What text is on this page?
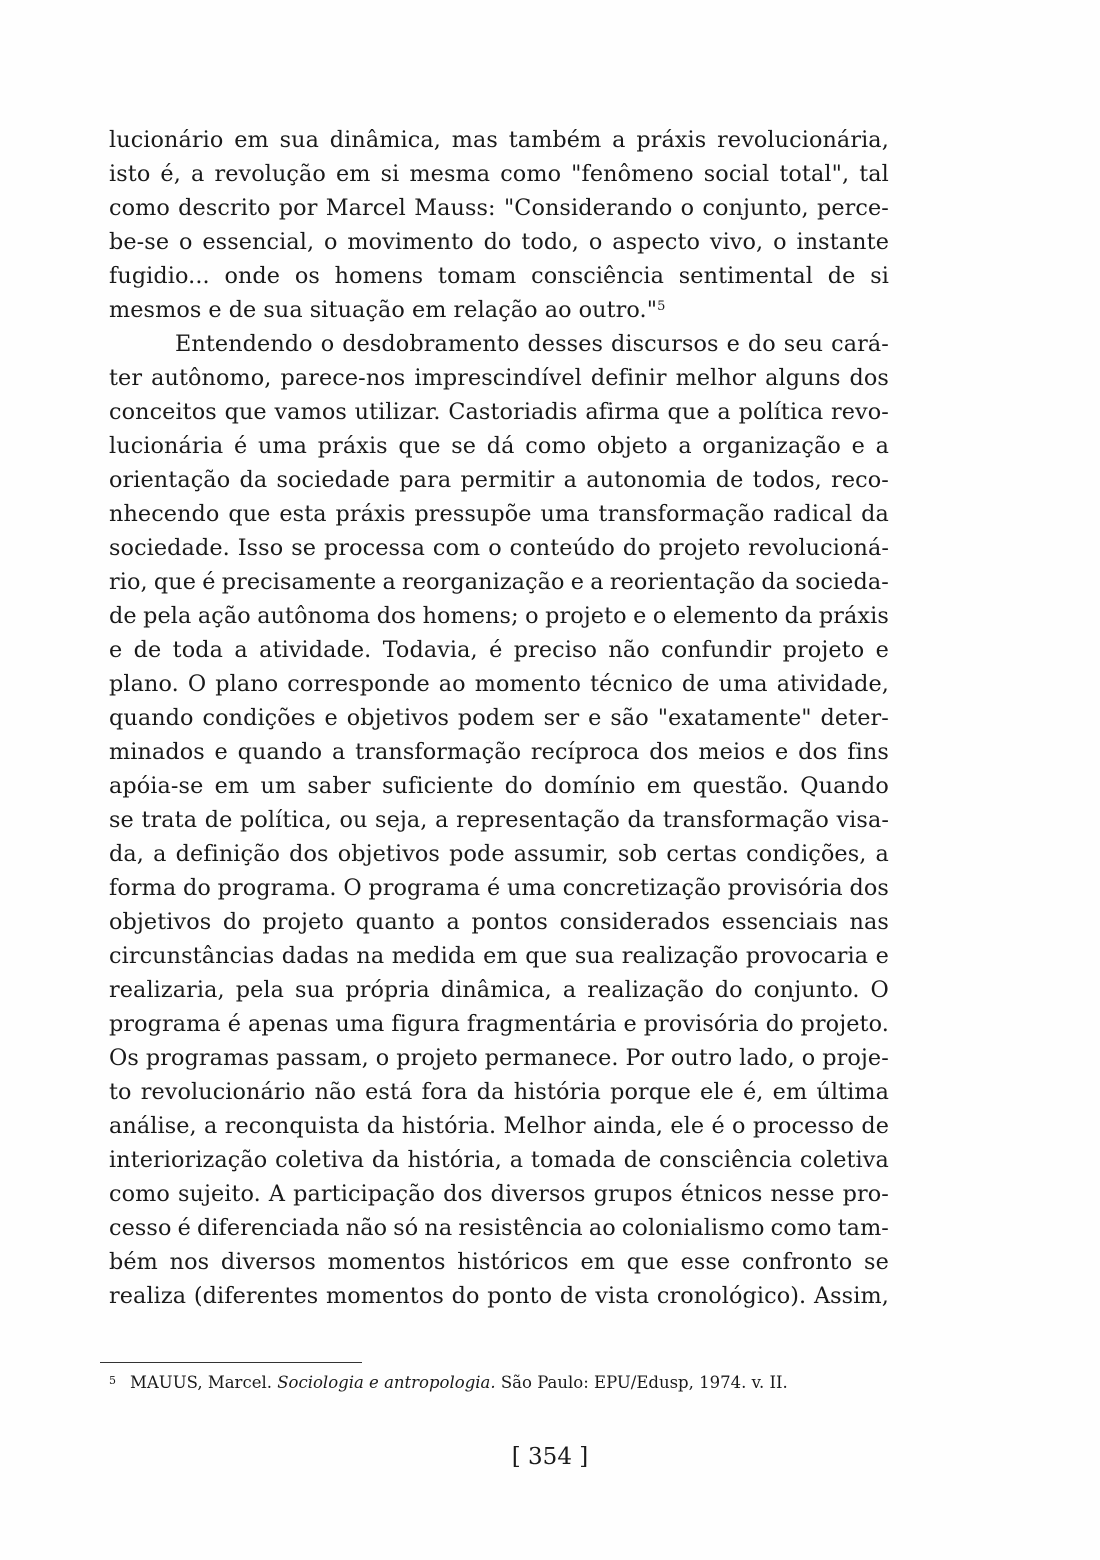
lucionário em sua dinâmica, mas também a práxis revolucionária,
isto é, a revolução em si mesma como "fenômeno social total", tal
como descrito por Marcel Mauss: "Considerando o conjunto, perce-
be-se o essencial, o movimento do todo, o aspecto vivo, o instante
fugidio... onde os homens tomam consciência sentimental de si
mesmos e de sua situação em relação ao outro."$^5$
Entendendo o desdobramento desses discursos e do seu cará-
ter autônomo, parece-nos imprescindível definir melhor alguns dos
conceitos que vamos utilizar. Castoriadis afirma que a política revo-
lucionária é uma práxis que se dá como objeto a organização e a
orientação da sociedade para permitir a autonomia de todos, reco-
nhecendo que esta práxis pressupõe uma transformação radical da
sociedade. Isso se processa com o conteúdo do projeto revolucioná-
rio, que é precisamente a reorganização e a reorientação da socieda-
de pela ação autônoma dos homens; o projeto e o elemento da práxis
e de toda a atividade. Todavia, é preciso não confundir projeto e
plano. O plano corresponde ao momento técnico de uma atividade,
quando condições e objetivos podem ser e são "exatamente" deter-
minados e quando a transformação recíproca dos meios e dos fins
apóia-se em um saber suficiente do domínio em questão. Quando
se trata de política, ou seja, a representação da transformação visa-
da, a definição dos objetivos pode assumir, sob certas condições, a
forma do programa. O programa é uma concretização provisória dos
objetivos do projeto quanto a pontos considerados essenciais nas
circunstâncias dadas na medida em que sua realização provocaria e
realizaria, pela sua própria dinâmica, a realização do conjunto. O
programa é apenas uma figura fragmentária e provisória do projeto.
Os programas passam, o projeto permanece. Por outro lado, o proje-
to revolucionário não está fora da história porque ele é, em última
análise, a reconquista da história. Melhor ainda, ele é o processo de
interiorização coletiva da história, a tomada de consciência coletiva
como sujeito. A participação dos diversos grupos étnicos nesse pro-
cesso é diferenciada não só na resistência ao colonialismo como tam-
bém nos diversos momentos históricos em que esse confronto se
realiza (diferentes momentos do ponto de vista cronológico). Assim,
$^5$ MAUUS, Marcel. Sociologia e antropologia. São Paulo: EPU/Edusp, 1974. v. II.
[ 354 ]
